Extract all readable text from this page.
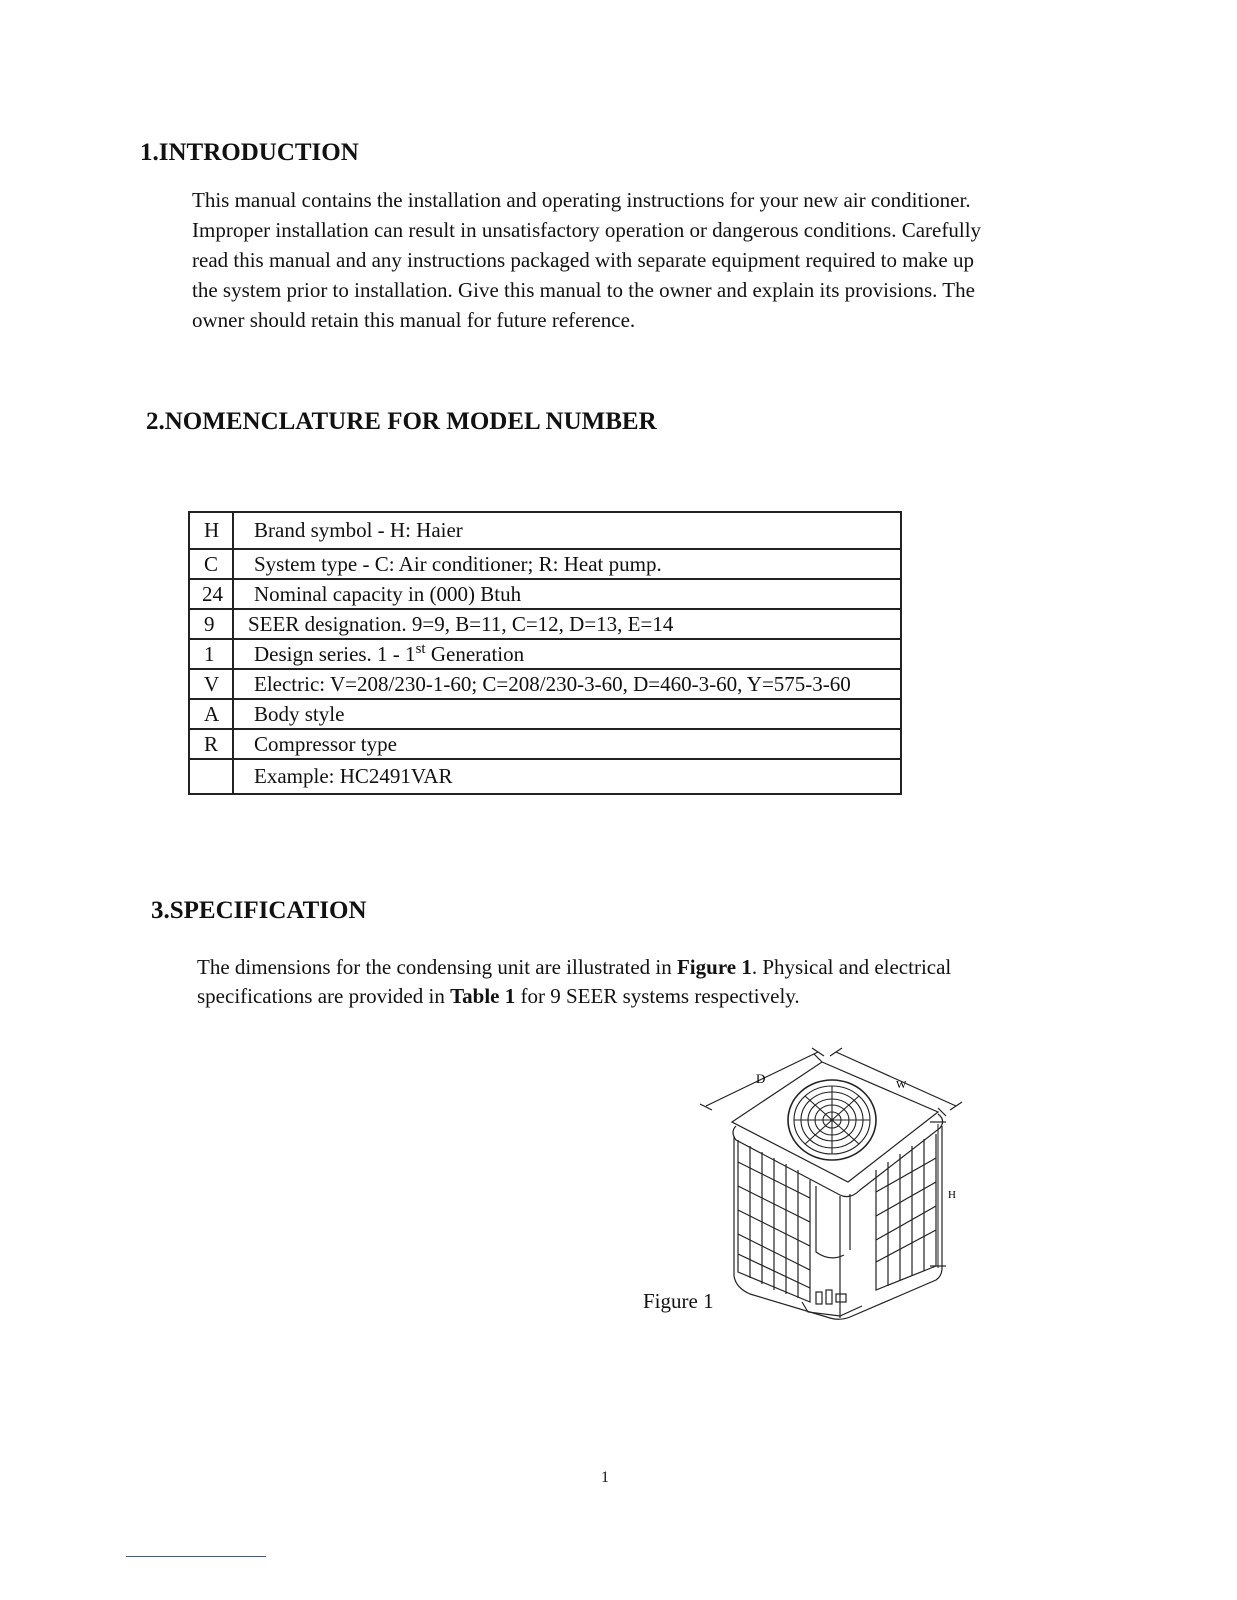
1.INTRODUCTION
This manual contains the installation and operating instructions for your new air conditioner.
Improper installation can result in unsatisfactory operation or dangerous conditions. Carefully
read this manual and any instructions packaged with separate equipment required to make up
the system prior to installation. Give this manual to the owner and explain its provisions. The
owner should retain this manual for future reference.
2.NOMENCLATURE FOR MODEL NUMBER
H	Brand symbol - H: Haier
C	System type - C: Air conditioner; R: Heat pump.
24	Nominal capacity in (000) Btuh
9	SEER designation. 9=9, B=11, C=12, D=13, E=14
1	Design series. 1 - 1st Generation
V	Electric: V=208/230-1-60; C=208/230-3-60, D=460-3-60, Y=575-3-60
A	Body style
R	Compressor type
	Example: HC2491VAR
3.SPECIFICATION
The dimensions for the condensing unit are illustrated in Figure 1. Physical and electrical
specifications are provided in Table 1 for 9 SEER systems respectively.
D	W
H
Figure 1
1
